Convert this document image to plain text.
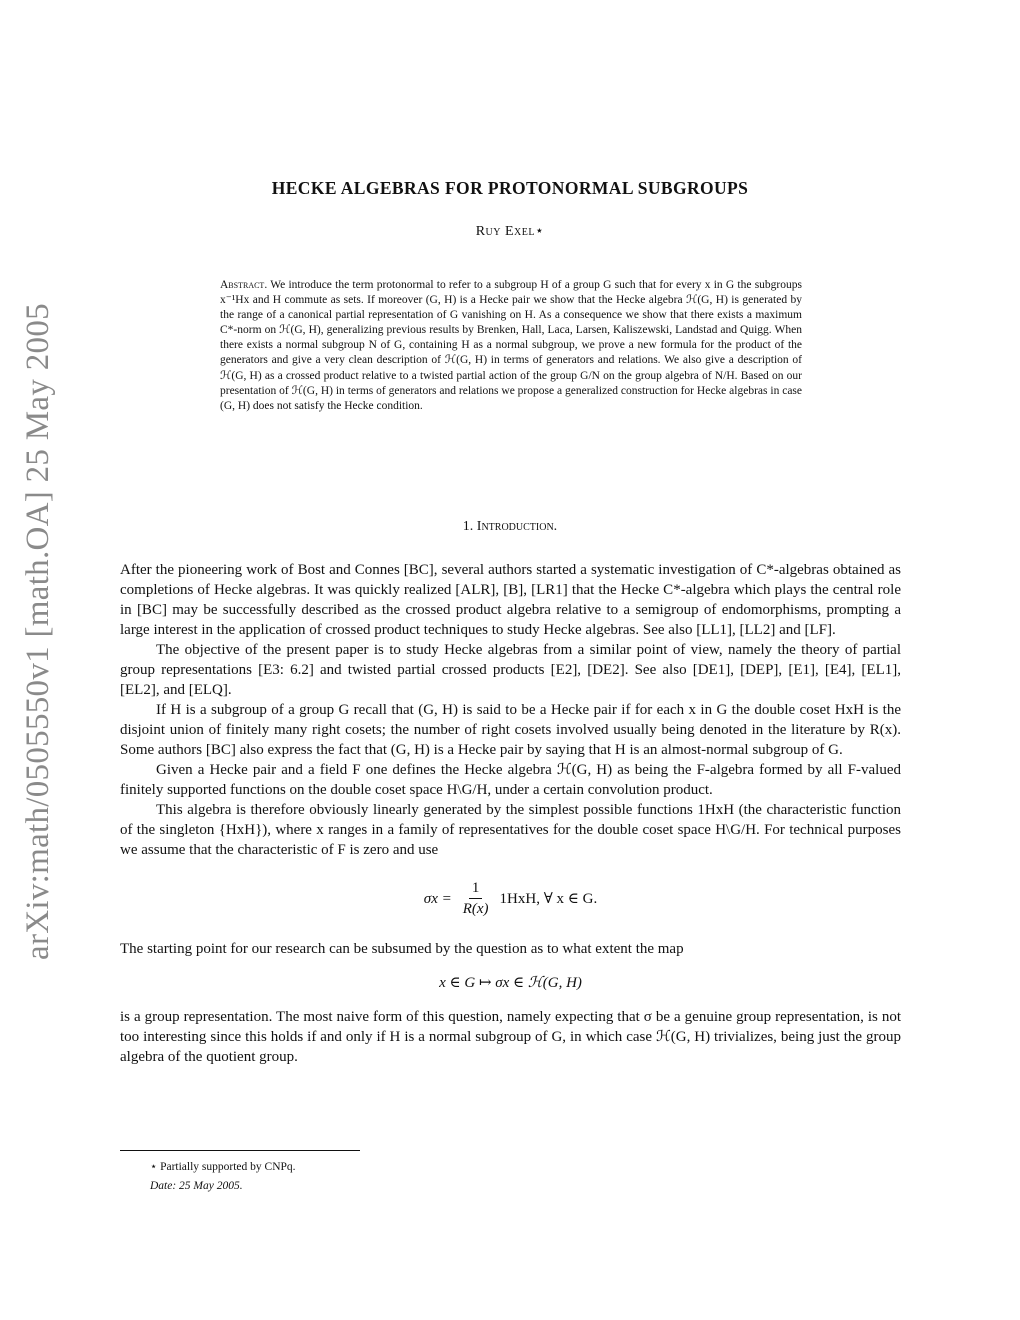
arXiv:math/0505550v1 [math.OA] 25 May 2005
HECKE ALGEBRAS FOR PROTONORMAL SUBGROUPS
Ruy Exel⋆
Abstract. We introduce the term protonormal to refer to a subgroup H of a group G such that for every x in G the subgroups x⁻¹Hx and H commute as sets. If moreover (G, H) is a Hecke pair we show that the Hecke algebra ℋ(G, H) is generated by the range of a canonical partial representation of G vanishing on H. As a consequence we show that there exists a maximum C*-norm on ℋ(G, H), generalizing previous results by Brenken, Hall, Laca, Larsen, Kaliszewski, Landstad and Quigg. When there exists a normal subgroup N of G, containing H as a normal subgroup, we prove a new formula for the product of the generators and give a very clean description of ℋ(G, H) in terms of generators and relations. We also give a description of ℋ(G, H) as a crossed product relative to a twisted partial action of the group G/N on the group algebra of N/H. Based on our presentation of ℋ(G, H) in terms of generators and relations we propose a generalized construction for Hecke algebras in case (G, H) does not satisfy the Hecke condition.
1. Introduction.

After the pioneering work of Bost and Connes [BC], several authors started a systematic investigation of C*-algebras obtained as completions of Hecke algebras. It was quickly realized [ALR], [B], [LR1] that the Hecke C*-algebra which plays the central role in [BC] may be successfully described as the crossed product algebra relative to a semigroup of endomorphisms, prompting a large interest in the application of crossed product techniques to study Hecke algebras. See also [LL1], [LL2] and [LF].

The objective of the present paper is to study Hecke algebras from a similar point of view, namely the theory of partial group representations [E3: 6.2] and twisted partial crossed products [E2], [DE2]. See also [DE1], [DEP], [E1], [E4], [EL1], [EL2], and [ELQ].

If H is a subgroup of a group G recall that (G, H) is said to be a Hecke pair if for each x in G the double coset HxH is the disjoint union of finitely many right cosets; the number of right cosets involved usually being denoted in the literature by R(x). Some authors [BC] also express the fact that (G, H) is a Hecke pair by saying that H is an almost-normal subgroup of G.

Given a Hecke pair and a field F one defines the Hecke algebra ℋ(G, H) as being the F-algebra formed by all F-valued finitely supported functions on the double coset space H\G/H, under a certain convolution product.

This algebra is therefore obviously linearly generated by the simplest possible functions 1HxH (the characteristic function of the singleton {HxH}), where x ranges in a family of representatives for the double coset space H\G/H. For technical purposes we assume that the characteristic of F is zero and use

$\sigma x = \frac{1}{R(x)} 1HxH$, ∀ x ∈ G.

The starting point for our research can be subsumed by the question as to what extent the map

x ∈ G ↦ σx ∈ ℋ(G, H)

is a group representation. The most naive form of this question, namely expecting that σ be a genuine group representation, is not too interesting since this holds if and only if H is a normal subgroup of G, in which case ℋ(G, H) trivializes, being just the group algebra of the quotient group.

⋆ Partially supported by CNPq.
Date: 25 May 2005.
